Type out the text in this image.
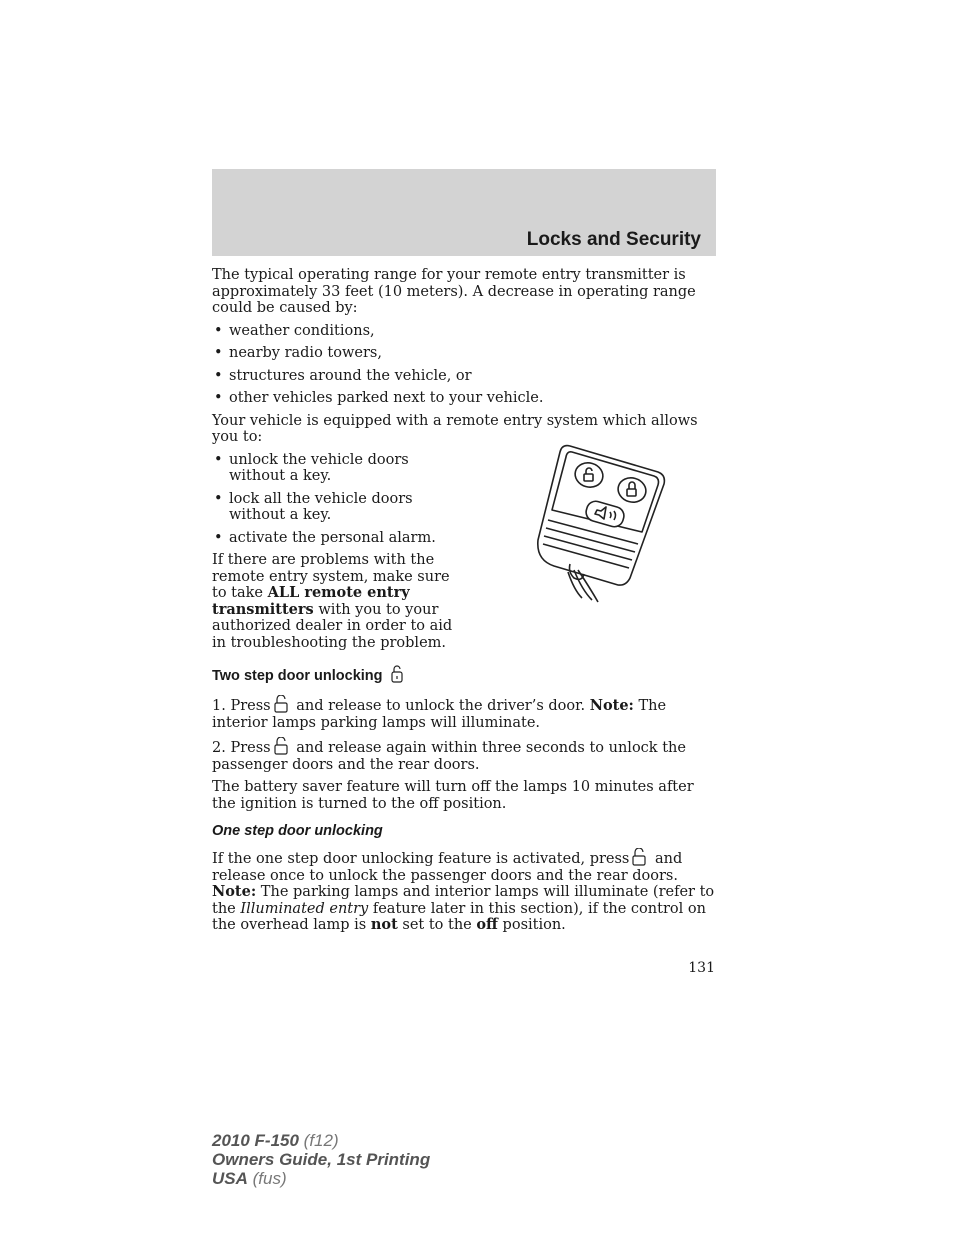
Locks and Security

The typical operating range for your remote entry transmitter is approximately 33 feet (10 meters). A decrease in operating range could be caused by:

• weather conditions,
• nearby radio towers,
• structures around the vehicle, or
• other vehicles parked next to your vehicle.

Your vehicle is equipped with a remote entry system which allows you to:

• unlock the vehicle doors without a key.
• lock all the vehicle doors without a key.
• activate the personal alarm.

If there are problems with the remote entry system, make sure to take ALL remote entry transmitters with you to your authorized dealer in order to aid in troubleshooting the problem.

Two step door unlocking

1. Press and release to unlock the driver’s door. Note: The interior lamps parking lamps will illuminate.

2. Press and release again within three seconds to unlock the passenger doors and the rear doors.

The battery saver feature will turn off the lamps 10 minutes after the ignition is turned to the off position.

One step door unlocking

If the one step door unlocking feature is activated, press and release once to unlock the passenger doors and the rear doors.

Note: The parking lamps and interior lamps will illuminate (refer to the Illuminated entry feature later in this section), if the control on the overhead lamp is not set to the off position.

131
2010 F-150 (f12)
Owners Guide, 1st Printing
USA (fus)
